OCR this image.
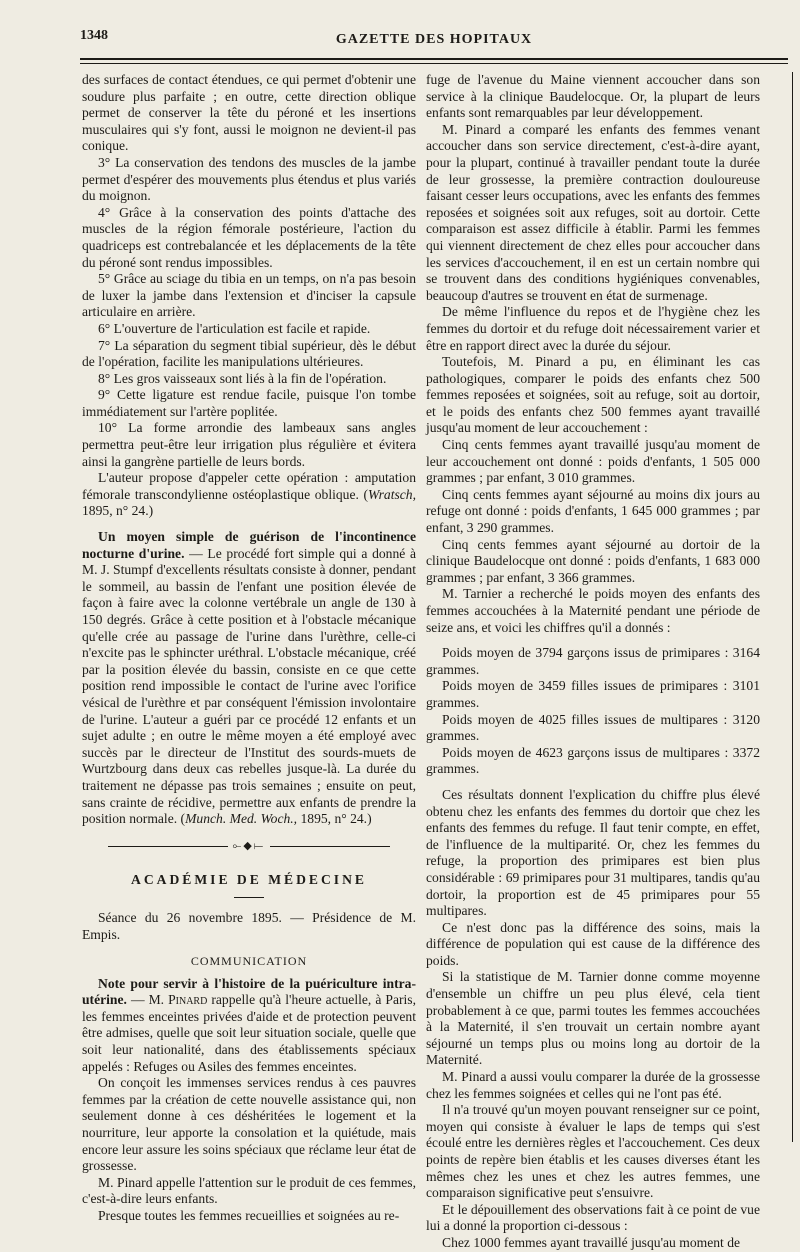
1348	GAZETTE DES HOPITAUX

des surfaces de contact étendues, ce qui permet d'obtenir une soudure plus parfaite ; en outre, cette direction oblique permet de conserver la tête du péroné et les insertions musculaires qui s'y font, aussi le moignon ne devient-il pas conique.

3° La conservation des tendons des muscles de la jambe permet d'espérer des mouvements plus étendus et plus variés du moignon.

4° Grâce à la conservation des points d'attache des muscles de la région fémorale postérieure, l'action du quadriceps est contrebalancée et les déplacements de la tête du péroné sont rendus impossibles.

5° Grâce au sciage du tibia en un temps, on n'a pas besoin de luxer la jambe dans l'extension et d'inciser la capsule articulaire en arrière.

6° L'ouverture de l'articulation est facile et rapide.

7° La séparation du segment tibial supérieur, dès le début de l'opération, facilite les manipulations ultérieures.

8° Les gros vaisseaux sont liés à la fin de l'opération.

9° Cette ligature est rendue facile, puisque l'on tombe immédiatement sur l'artère poplitée.

10° La forme arrondie des lambeaux sans angles permettra peut-être leur irrigation plus régulière et évitera ainsi la gangrène partielle de leurs bords.

L'auteur propose d'appeler cette opération : amputation fémorale transcondylienne ostéoplastique oblique. (Wratsch, 1895, n° 24.)

Un moyen simple de guérison de l'incontinence nocturne d'urine. — Le procédé fort simple qui a donné à M. J. Stumpf d'excellents résultats consiste à donner, pendant le sommeil, au bassin de l'enfant une position élevée de façon à faire avec la colonne vertébrale un angle de 130 à 150 degrés. Grâce à cette position et à l'obstacle mécanique qu'elle crée au passage de l'urine dans l'urèthre, celle-ci n'excite pas le sphincter uréthral. L'obstacle mécanique, créé par la position élevée du bassin, consiste en ce que cette position rend impossible le contact de l'urine avec l'orifice vésical de l'urèthre et par conséquent l'émission involontaire de l'urine. L'auteur a guéri par ce procédé 12 enfants et un sujet adulte ; en outre le même moyen a été employé avec succès par le directeur de l'Institut des sourds-muets de Wurtzbourg dans deux cas rebelles jusque-là. La durée du traitement ne dépasse pas trois semaines ; ensuite on peut, sans crainte de récidive, permettre aux enfants de prendre la position normale. (Munch. Med. Woch., 1895, n° 24.)

⟜◆⟝
ACADÉMIE DE MÉDECINE

Séance du 26 novembre 1895. — Présidence de M. Empis.

COMMUNICATION

Note pour servir à l'histoire de la puériculture intra-utérine. — M. Pinard rappelle qu'à l'heure actuelle, à Paris, les femmes enceintes privées d'aide et de protection peuvent être admises, quelle que soit leur situation sociale, quelle que soit leur nationalité, dans des établissements spéciaux appelés : Refuges ou Asiles des femmes enceintes.

On conçoit les immenses services rendus à ces pauvres femmes par la création de cette nouvelle assistance qui, non seulement donne à ces déshéritées le logement et la nourriture, leur apporte la consolation et la quiétude, mais encore leur assure les soins spéciaux que réclame leur état de grossesse.

M. Pinard appelle l'attention sur le produit de ces femmes, c'est-à-dire leurs enfants.

Presque toutes les femmes recueillies et soignées au re-

fuge de l'avenue du Maine viennent accoucher dans son service à la clinique Baudelocque. Or, la plupart de leurs enfants sont remarquables par leur développement.

M. Pinard a comparé les enfants des femmes venant accoucher dans son service directement, c'est-à-dire ayant, pour la plupart, continué à travailler pendant toute la durée de leur grossesse, la première contraction douloureuse faisant cesser leurs occupations, avec les enfants des femmes reposées et soignées soit aux refuges, soit au dortoir. Cette comparaison est assez difficile à établir. Parmi les femmes qui viennent directement de chez elles pour accoucher dans les services d'accouchement, il en est un certain nombre qui se trouvent dans des conditions hygiéniques convenables, beaucoup d'autres se trouvent en état de surmenage.

De même l'influence du repos et de l'hygiène chez les femmes du dortoir et du refuge doit nécessairement varier et être en rapport direct avec la durée du séjour.

Toutefois, M. Pinard a pu, en éliminant les cas pathologiques, comparer le poids des enfants chez 500 femmes reposées et soignées, soit au refuge, soit au dortoir, et le poids des enfants chez 500 femmes ayant travaillé jusqu'au moment de leur accouchement :

Cinq cents femmes ayant travaillé jusqu'au moment de leur accouchement ont donné : poids d'enfants, 1 505 000 grammes ; par enfant, 3 010 grammes.

Cinq cents femmes ayant séjourné au moins dix jours au refuge ont donné : poids d'enfants, 1 645 000 grammes ; par enfant, 3 290 grammes.

Cinq cents femmes ayant séjourné au dortoir de la clinique Baudelocque ont donné : poids d'enfants, 1 683 000 grammes ; par enfant, 3 366 grammes.

M. Tarnier a recherché le poids moyen des enfants des femmes accouchées à la Maternité pendant une période de seize ans, et voici les chiffres qu'il a donnés :

Poids moyen de 3794 garçons issus de primipares : 3164 grammes.

Poids moyen de 3459 filles issues de primipares : 3101 grammes.

Poids moyen de 4025 filles issues de multipares : 3120 grammes.

Poids moyen de 4623 garçons issus de multipares : 3372 grammes.

Ces résultats donnent l'explication du chiffre plus élevé obtenu chez les enfants des femmes du dortoir que chez les enfants des femmes du refuge. Il faut tenir compte, en effet, de l'influence de la multiparité. Or, chez les femmes du refuge, la proportion des primipares est bien plus considérable : 69 primipares pour 31 multipares, tandis qu'au dortoir, la proportion est de 45 primipares pour 55 multipares.

Ce n'est donc pas la différence des soins, mais la différence de population qui est cause de la différence des poids.

Si la statistique de M. Tarnier donne comme moyenne d'ensemble un chiffre un peu plus élevé, cela tient probablement à ce que, parmi toutes les femmes accouchées à la Maternité, il s'en trouvait un certain nombre ayant séjourné un temps plus ou moins long au dortoir de la Maternité.

M. Pinard a aussi voulu comparer la durée de la grossesse chez les femmes soignées et celles qui ne l'ont pas été.

Il n'a trouvé qu'un moyen pouvant renseigner sur ce point, moyen qui consiste à évaluer le laps de temps qui s'est écoulé entre les dernières règles et l'accouchement. Ces deux points de repère bien établis et les causes diverses étant les mêmes chez les unes et chez les autres femmes, une comparaison significative peut s'ensuivre.

Et le dépouillement des observations fait à ce point de vue lui a donné la proportion ci-dessous :

Chez 1000 femmes ayant travaillé jusqu'au moment de
